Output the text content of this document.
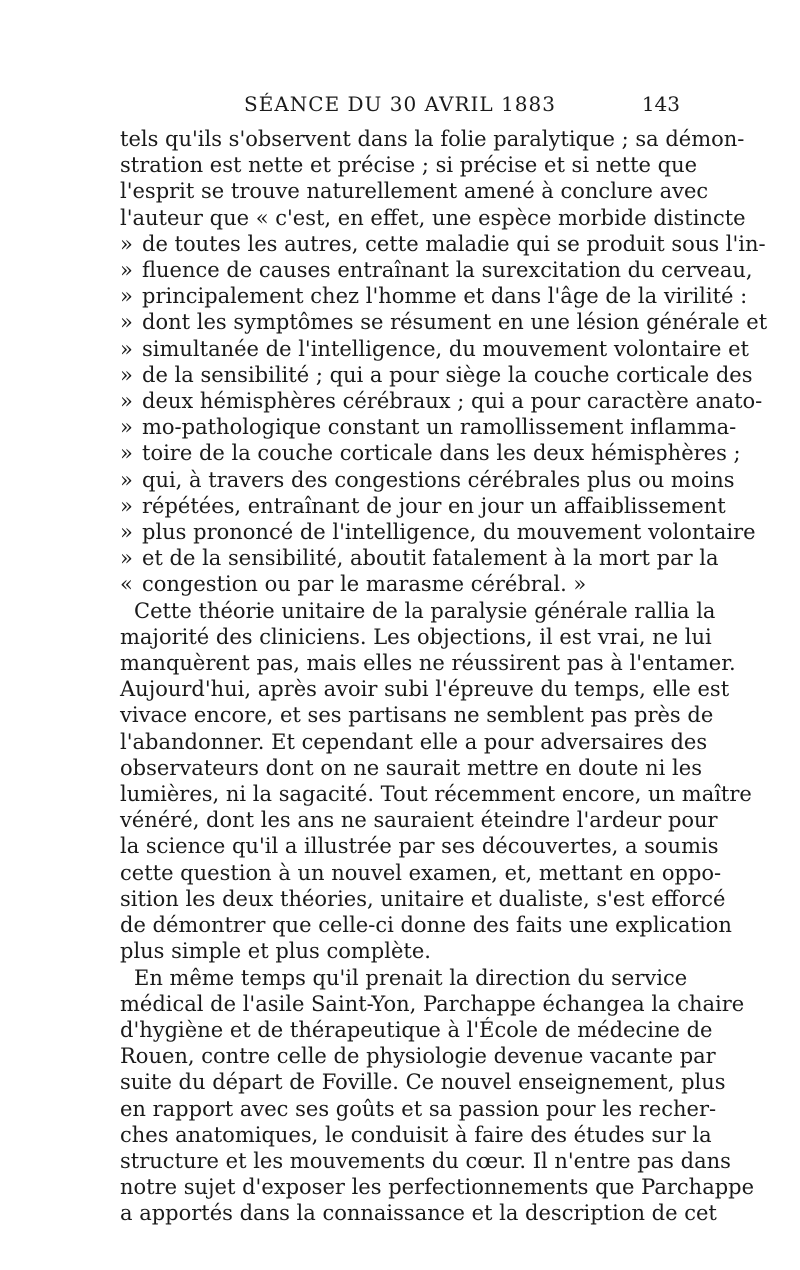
SÉANCE DU 30 AVRIL 1883	143
tels qu'ils s'observent dans la folie paralytique ; sa démon-
stration est nette et précise ; si précise et si nette que
l'esprit se trouve naturellement amené à conclure avec
l'auteur que « c'est, en effet, une espèce morbide distincte
» de toutes les autres, cette maladie qui se produit sous l'in-
» fluence de causes entraînant la surexcitation du cerveau,
» principalement chez l'homme et dans l'âge de la virilité :
» dont les symptômes se résument en une lésion générale et
» simultanée de l'intelligence, du mouvement volontaire et
» de la sensibilité ; qui a pour siège la couche corticale des
» deux hémisphères cérébraux ; qui a pour caractère anato-
» mo-pathologique constant un ramollissement inflamma-
» toire de la couche corticale dans les deux hémisphères ;
» qui, à travers des congestions cérébrales plus ou moins
» répétées, entraînant de jour en jour un affaiblissement
» plus prononcé de l'intelligence, du mouvement volontaire
» et de la sensibilité, aboutit fatalement à la mort par la
« congestion ou par le marasme cérébral. »
Cette théorie unitaire de la paralysie générale rallia la
majorité des cliniciens. Les objections, il est vrai, ne lui
manquèrent pas, mais elles ne réussirent pas à l'entamer.
Aujourd'hui, après avoir subi l'épreuve du temps, elle est
vivace encore, et ses partisans ne semblent pas près de
l'abandonner. Et cependant elle a pour adversaires des
observateurs dont on ne saurait mettre en doute ni les
lumières, ni la sagacité. Tout récemment encore, un maître
vénéré, dont les ans ne sauraient éteindre l'ardeur pour
la science qu'il a illustrée par ses découvertes, a soumis
cette question à un nouvel examen, et, mettant en oppo-
sition les deux théories, unitaire et dualiste, s'est efforcé
de démontrer que celle-ci donne des faits une explication
plus simple et plus complète.
En même temps qu'il prenait la direction du service
médical de l'asile Saint-Yon, Parchappe échangea la chaire
d'hygiène et de thérapeutique à l'École de médecine de
Rouen, contre celle de physiologie devenue vacante par
suite du départ de Foville. Ce nouvel enseignement, plus
en rapport avec ses goûts et sa passion pour les recher-
ches anatomiques, le conduisit à faire des études sur la
structure et les mouvements du cœur. Il n'entre pas dans
notre sujet d'exposer les perfectionnements que Parchappe
a apportés dans la connaissance et la description de cet
